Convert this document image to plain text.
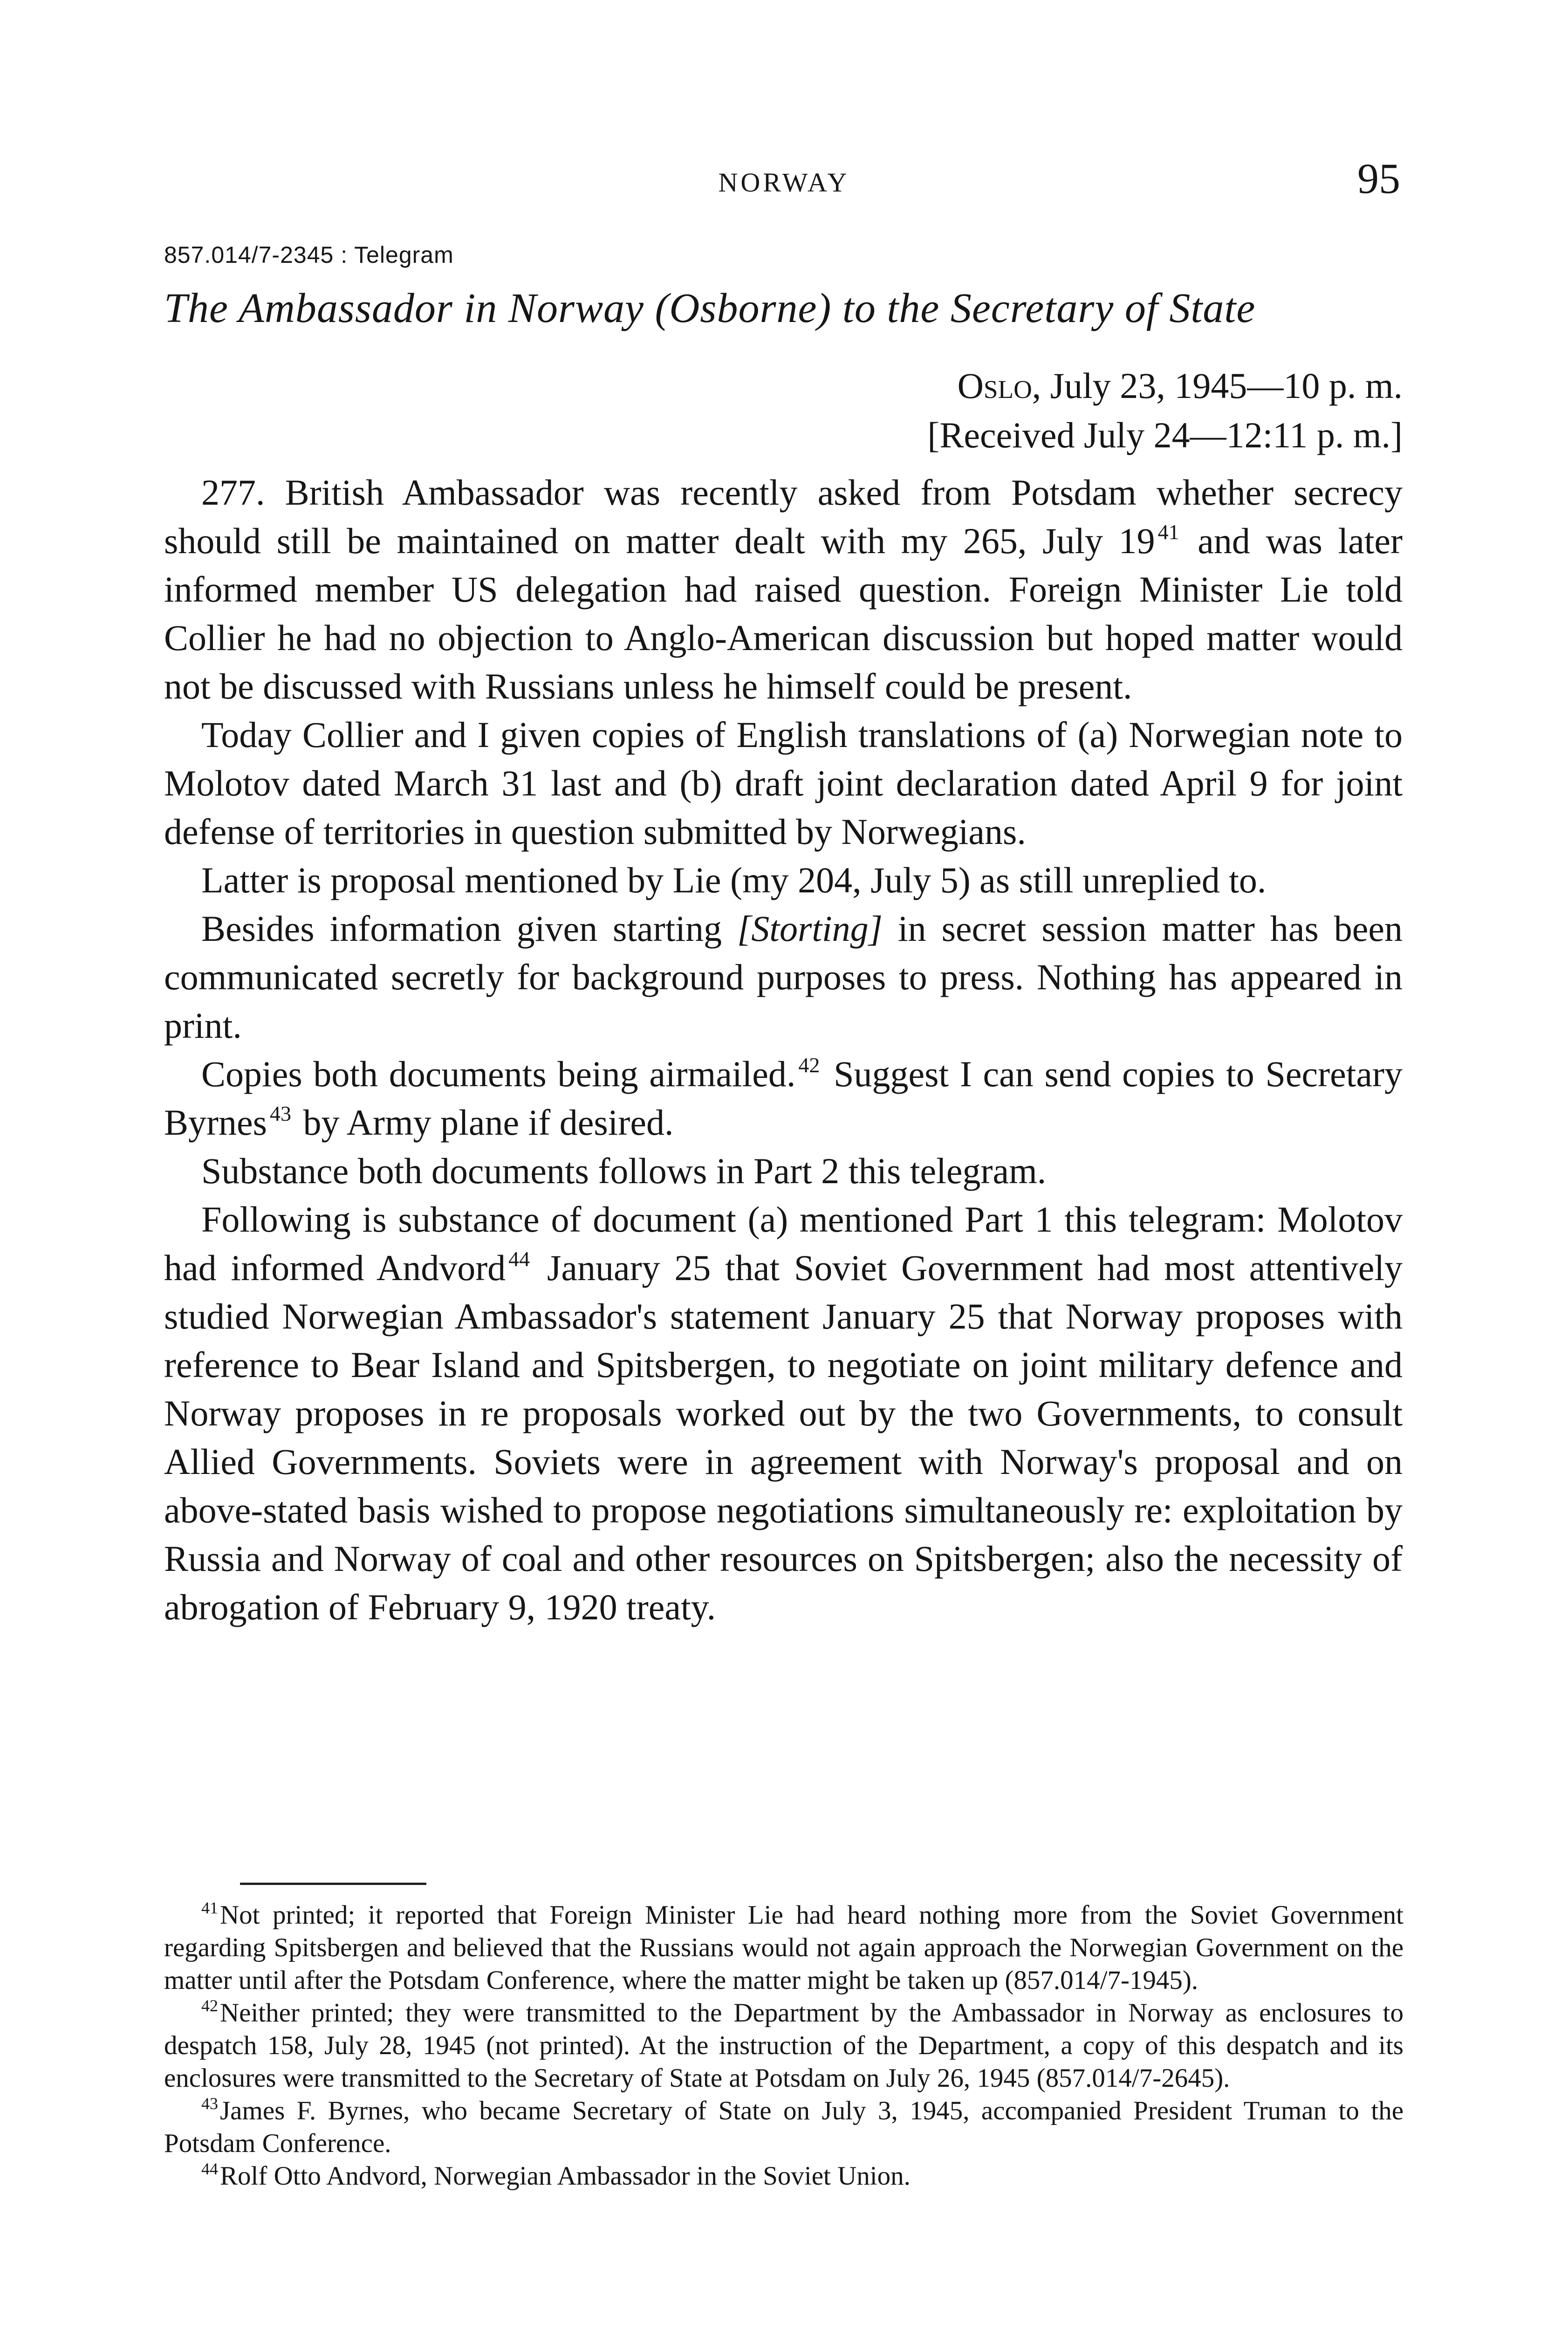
NORWAY	95
857.014/7-2345 : Telegram
The Ambassador in Norway (Osborne) to the Secretary of State
Oslo, July 23, 1945—10 p. m.
[Received July 24—12:11 p. m.]

277. British Ambassador was recently asked from Potsdam whether secrecy should still be maintained on matter dealt with my 265, July 19 $^{41}$ and was later informed member US delegation had raised question. Foreign Minister Lie told Collier he had no objection to Anglo-American discussion but hoped matter would not be discussed with Russians unless he himself could be present.

Today Collier and I given copies of English translations of (a) Norwegian note to Molotov dated March 31 last and (b) draft joint declaration dated April 9 for joint defense of territories in question submitted by Norwegians.

Latter is proposal mentioned by Lie (my 204, July 5) as still unreplied to.

Besides information given starting [Storting] in secret session matter has been communicated secretly for background purposes to press. Nothing has appeared in print.

Copies both documents being airmailed. $^{42}$ Suggest I can send copies to Secretary Byrnes $^{43}$ by Army plane if desired.

Substance both documents follows in Part 2 this telegram.

Following is substance of document (a) mentioned Part 1 this telegram: Molotov had informed Andvord $^{44}$ January 25 that Soviet Government had most attentively studied Norwegian Ambassador's statement January 25 that Norway proposes with reference to Bear Island and Spitsbergen, to negotiate on joint military defence and Norway proposes in re proposals worked out by the two Governments, to consult Allied Governments. Soviets were in agreement with Norway's proposal and on above-stated basis wished to propose negotiations simultaneously re: exploitation by Russia and Norway of coal and other resources on Spitsbergen; also the necessity of abrogation of February 9, 1920 treaty.

$^{41}$Not printed; it reported that Foreign Minister Lie had heard nothing more from the Soviet Government regarding Spitsbergen and believed that the Russians would not again approach the Norwegian Government on the matter until after the Potsdam Conference, where the matter might be taken up (857.014/7-1945).

$^{42}$Neither printed; they were transmitted to the Department by the Ambassador in Norway as enclosures to despatch 158, July 28, 1945 (not printed). At the instruction of the Department, a copy of this despatch and its enclosures were transmitted to the Secretary of State at Potsdam on July 26, 1945 (857.014/7-2645).

$^{43}$James F. Byrnes, who became Secretary of State on July 3, 1945, accompanied President Truman to the Potsdam Conference.

$^{44}$Rolf Otto Andvord, Norwegian Ambassador in the Soviet Union.
